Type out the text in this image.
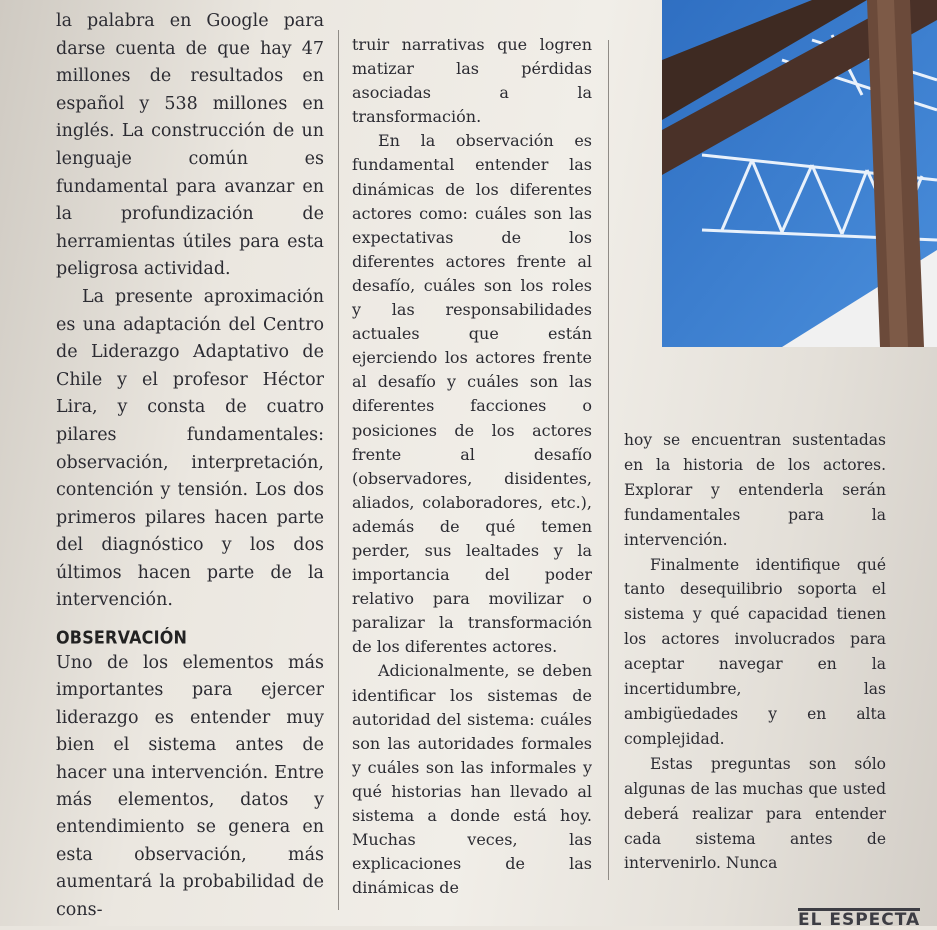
la palabra en Google para darse cuenta de que hay 47 millones de resultados en español y 538 millones en inglés. La construcción de un lenguaje común es fundamental para avanzar en la profundización de herramientas útiles para esta peligrosa actividad.

La presente aproximación es una adaptación del Centro de Liderazgo Adaptativo de Chile y el profesor Héctor Lira, y consta de cuatro pilares fundamentales: observación, interpretación, contención y tensión. Los dos primeros pilares hacen parte del diagnóstico y los dos últimos hacen parte de la intervención.

OBSERVACIÓN

Uno de los elementos más importantes para ejercer liderazgo es entender muy bien el sistema antes de hacer una intervención. Entre más elementos, datos y entendimiento se genera en esta observación, más aumentará la probabilidad de cons-

truir narrativas que logren matizar las pérdidas asociadas a la transformación.

En la observación es fundamental entender las dinámicas de los diferentes actores como: cuáles son las expectativas de los diferentes actores frente al desafío, cuáles son los roles y las responsabilidades actuales que están ejerciendo los actores frente al desafío y cuáles son las diferentes facciones o posiciones de los actores frente al desafío (observadores, disidentes, aliados, colaboradores, etc.), además de qué temen perder, sus lealtades y la importancia del poder relativo para movilizar o paralizar la transformación de los diferentes actores.

Adicionalmente, se deben identificar los sistemas de autoridad del sistema: cuáles son las autoridades formales y cuáles son las informales y qué historias han llevado al sistema a donde está hoy. Muchas veces, las explicaciones de las dinámicas de

hoy se encuentran sustentadas en la historia de los actores. Explorar y entenderla serán fundamentales para la intervención.

Finalmente identifique qué tanto desequilibrio soporta el sistema y qué capacidad tienen los actores involucrados para aceptar navegar en la incertidumbre, las ambigüedades y en alta complejidad.

Estas preguntas son sólo algunas de las muchas que usted deberá realizar para entender cada sistema antes de intervenirlo. Nunca

EL ESPECTA
